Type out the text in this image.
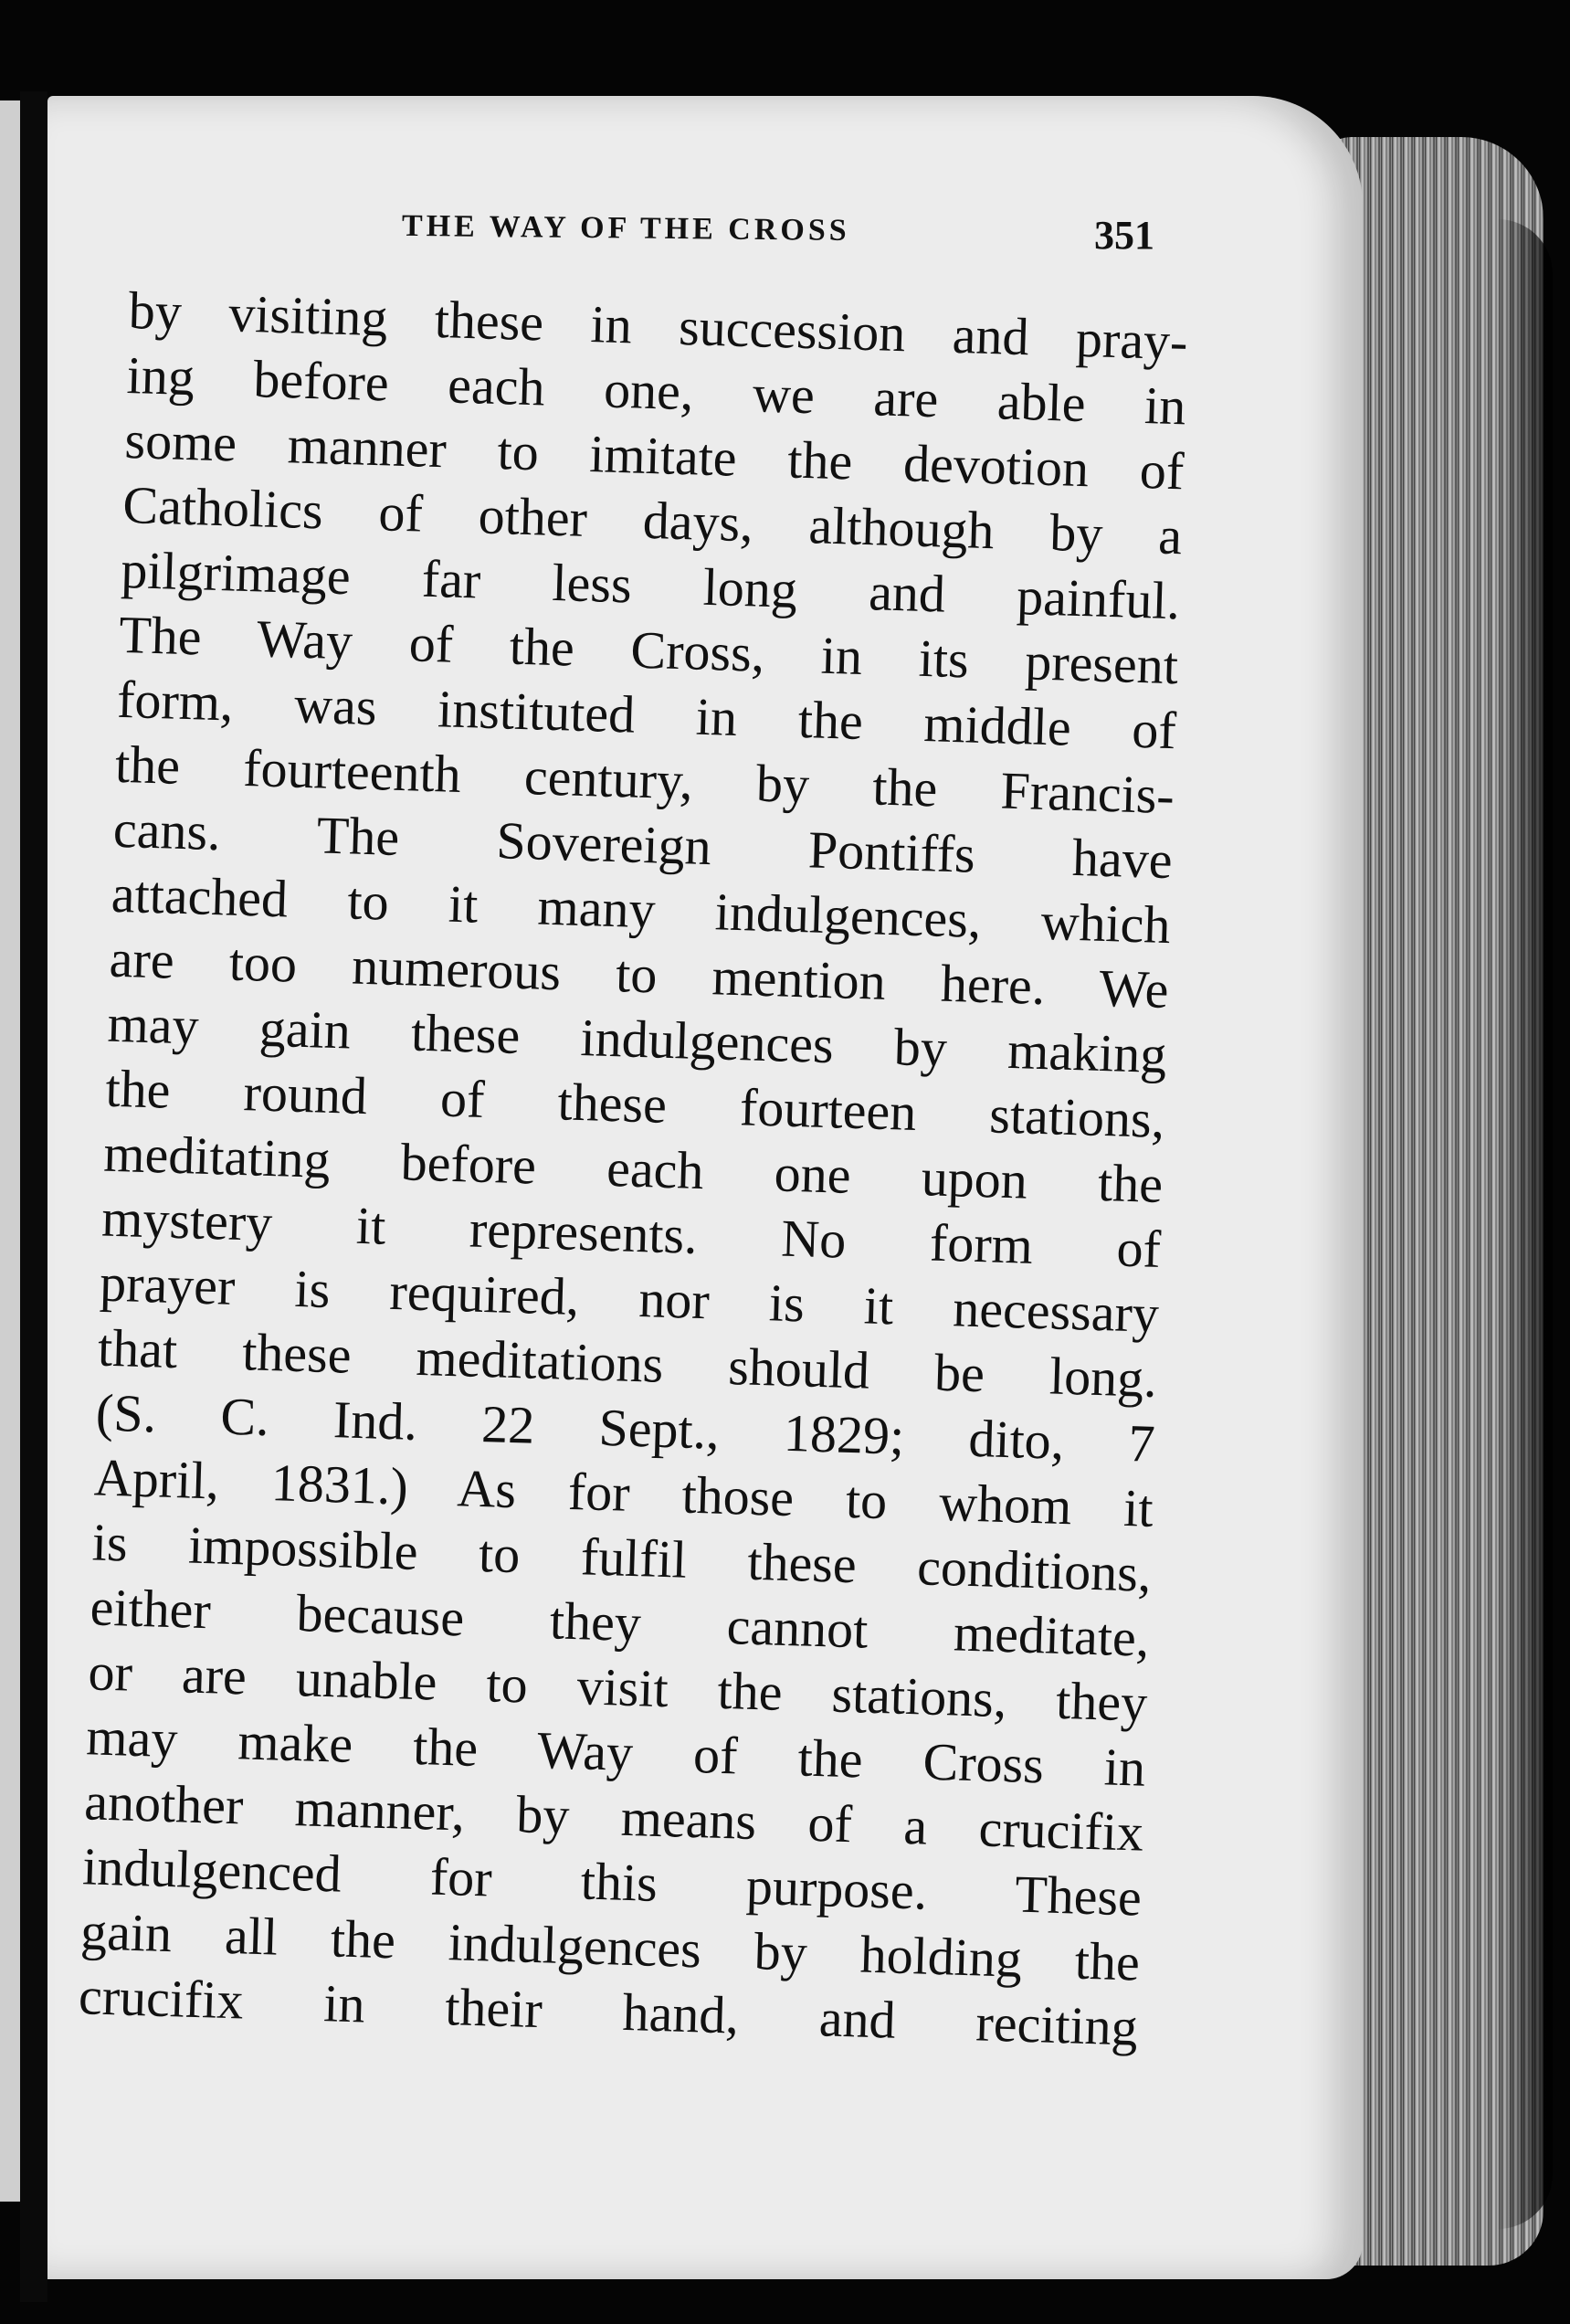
THE WAY OF THE CROSS	351
by visiting these in succession and pray-
ing before each one, we are able in
some manner to imitate the devotion of
Catholics of other days, although by a
pilgrimage far less long and painful.
The Way of the Cross, in its present
form, was instituted in the middle of
the fourteenth century, by the Francis-
cans. The Sovereign Pontiffs have
attached to it many indulgences, which
are too numerous to mention here. We
may gain these indulgences by making
the round of these fourteen stations,
meditating before each one upon the
mystery it represents. No form of
prayer is required, nor is it necessary
that these meditations should be long.
(S. C. Ind. 22 Sept., 1829; dito, 7
April, 1831.) As for those to whom it
is impossible to fulfil these conditions,
either because they cannot meditate,
or are unable to visit the stations, they
may make the Way of the Cross in
another manner, by means of a crucifix
indulgenced for this purpose. These
gain all the indulgences by holding the
crucifix in their hand, and reciting
